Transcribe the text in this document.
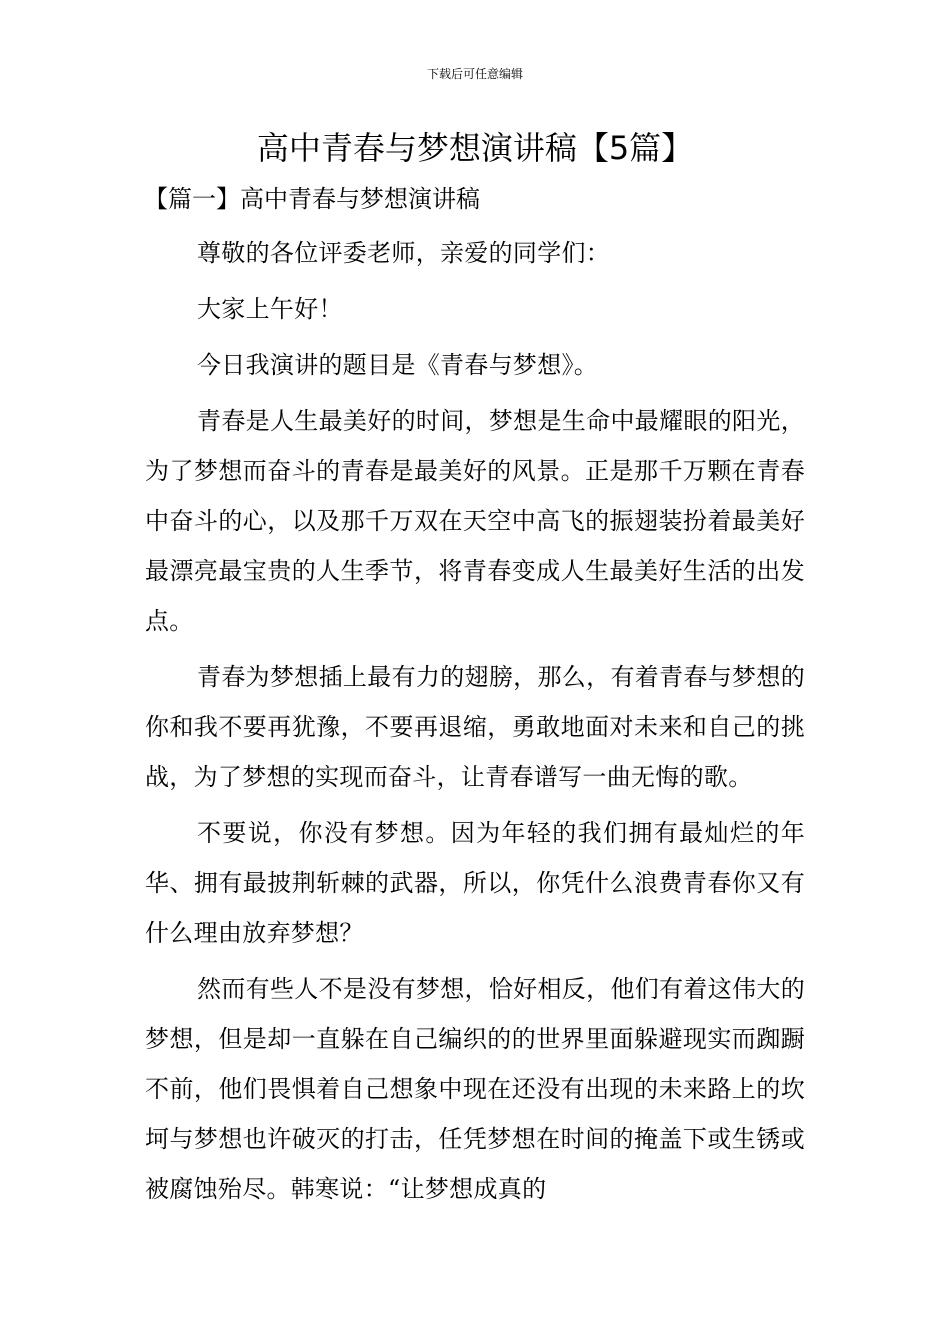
下载后可任意编辑
高中青春与梦想演讲稿【5篇】
【篇一】高中青春与梦想演讲稿

尊敬的各位评委老师，亲爱的同学们：

大家上午好！

今日我演讲的题目是《青春与梦想》。

青春是人生最美好的时间，梦想是生命中最耀眼的阳光，为了梦想而奋斗的青春是最美好的风景。正是那千万颗在青春中奋斗的心，以及那千万双在天空中高飞的振翅装扮着最美好最漂亮最宝贵的人生季节，将青春变成人生最美好生活的出发点。

青春为梦想插上最有力的翅膀，那么，有着青春与梦想的你和我不要再犹豫，不要再退缩，勇敢地面对未来和自己的挑战，为了梦想的实现而奋斗，让青春谱写一曲无悔的歌。

不要说，你没有梦想。因为年轻的我们拥有最灿烂的年华、拥有最披荆斩棘的武器，所以，你凭什么浪费青春你又有什么理由放弃梦想？

然而有些人不是没有梦想，恰好相反，他们有着这伟大的梦想，但是却一直躲在自己编织的的世界里面躲避现实而踟蹰不前，他们畏惧着自己想象中现在还没有出现的未来路上的坎坷与梦想也许破灭的打击，任凭梦想在时间的掩盖下或生锈或被腐蚀殆尽。韩寒说：“让梦想成真的
